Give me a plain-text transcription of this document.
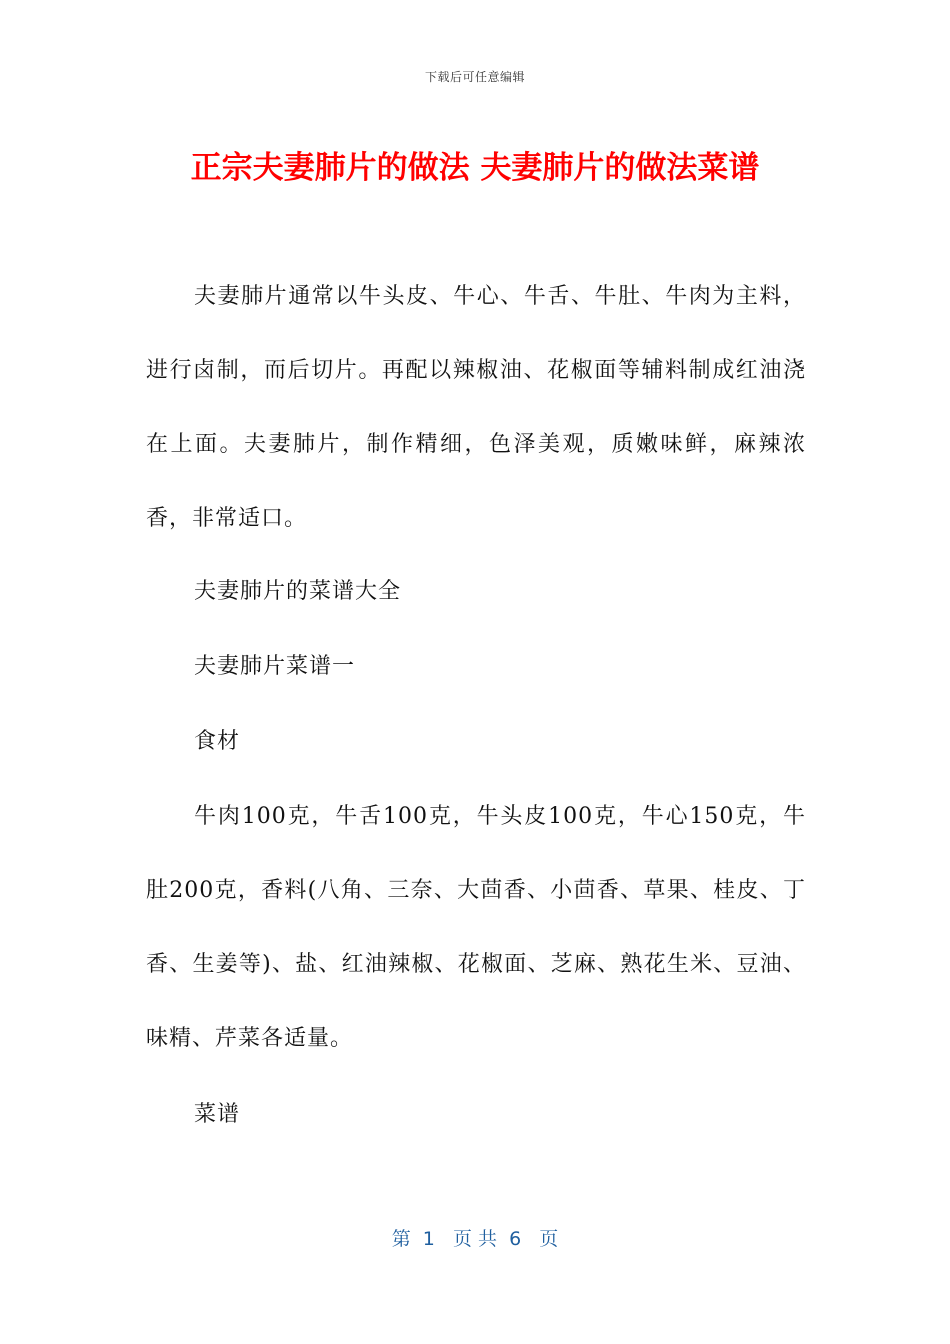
下载后可任意编辑
正宗夫妻肺片的做法 夫妻肺片的做法菜谱

夫妻肺片通常以牛头皮、牛心、牛舌、牛肚、牛肉为主料，进行卤制，而后切片。再配以辣椒油、花椒面等辅料制成红油浇在上面。夫妻肺片，制作精细，色泽美观，质嫩味鲜，麻辣浓香，非常适口。

夫妻肺片的菜谱大全

夫妻肺片菜谱一

食材

牛肉100克，牛舌100克，牛头皮100克，牛心150克，牛肚200克，香料(八角、三奈、大茴香、小茴香、草果、桂皮、丁香、生姜等)、盐、红油辣椒、花椒面、芝麻、熟花生米、豆油、味精、芹菜各适量。

菜谱

第  1   页 共  6   页
